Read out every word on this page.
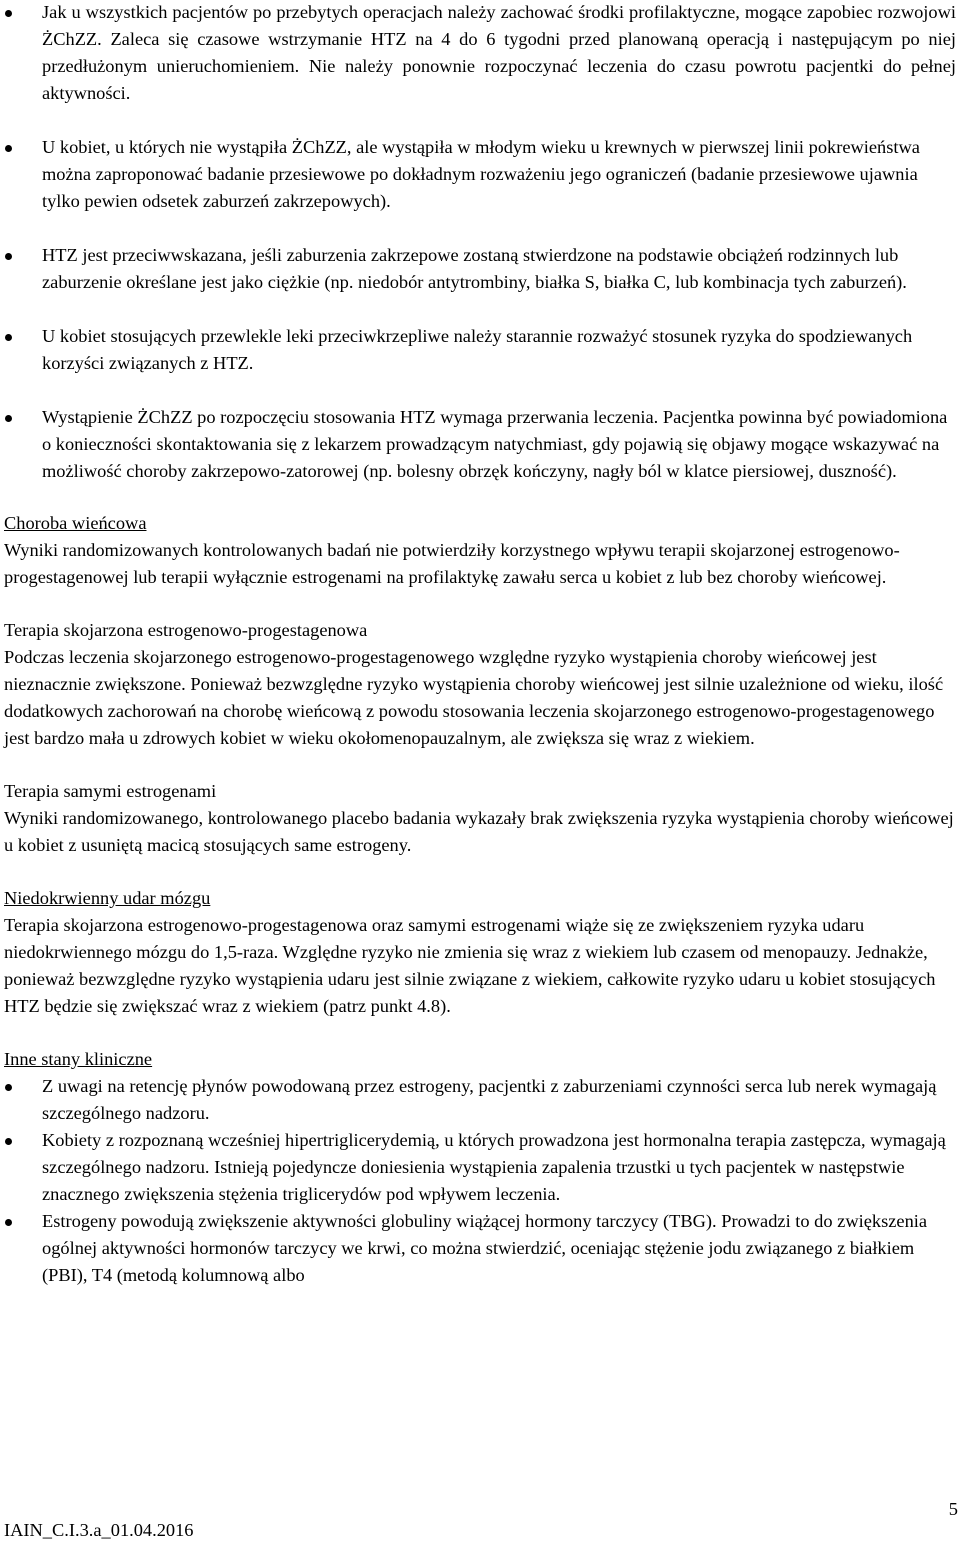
Jak u wszystkich pacjentów po przebytych operacjach należy zachować środki profilaktyczne, mogące zapobiec rozwojowi ŻChZZ. Zaleca się czasowe wstrzymanie HTZ na 4 do 6 tygodni przed planowaną operacją i następującym po niej przedłużonym unieruchomieniem. Nie należy ponownie rozpoczynać leczenia do czasu powrotu pacjentki do pełnej aktywności.
U kobiet, u których nie wystąpiła ŻChZZ, ale wystąpiła w młodym wieku u krewnych w pierwszej linii pokrewieństwa można zaproponować badanie przesiewowe po dokładnym rozważeniu jego ograniczeń (badanie przesiewowe ujawnia tylko pewien odsetek zaburzeń zakrzepowych).
HTZ jest przeciwwskazana, jeśli zaburzenia zakrzepowe zostaną stwierdzone na podstawie obciążeń rodzinnych lub zaburzenie określane jest jako ciężkie (np. niedobór antytrombiny, białka S, białka C, lub kombinacja tych zaburzeń).
U kobiet stosujących przewlekle leki przeciwkrzepliwe należy starannie rozważyć stosunek ryzyka do spodziewanych korzyści związanych z HTZ.
Wystąpienie ŻChZZ po rozpoczęciu stosowania HTZ wymaga przerwania leczenia. Pacjentka powinna być powiadomiona o konieczności skontaktowania się z lekarzem prowadzącym natychmiast, gdy pojawią się objawy mogące wskazywać na możliwość choroby zakrzepowo-zatorowej (np. bolesny obrzęk kończyny, nagły ból w klatce piersiowej, duszność).

Choroba wieńcowa

Wyniki randomizowanych kontrolowanych badań nie potwierdziły korzystnego wpływu terapii skojarzonej estrogenowo-progestagenowej lub terapii wyłącznie estrogenami na profilaktykę zawału serca u kobiet z lub bez choroby wieńcowej.

Terapia skojarzona estrogenowo-progestagenowa

Podczas leczenia skojarzonego estrogenowo-progestagenowego względne ryzyko wystąpienia choroby wieńcowej jest nieznacznie zwiększone. Ponieważ bezwzględne ryzyko wystąpienia choroby wieńcowej jest silnie uzależnione od wieku, ilość dodatkowych zachorowań na chorobę wieńcową z powodu stosowania leczenia skojarzonego estrogenowo-progestagenowego jest bardzo mała u zdrowych kobiet w wieku okołomenopauzalnym, ale zwiększa się wraz z wiekiem.

Terapia samymi estrogenami

Wyniki randomizowanego, kontrolowanego placebo badania wykazały brak zwiększenia ryzyka wystąpienia choroby wieńcowej u kobiet z usuniętą macicą stosujących same estrogeny.

Niedokrwienny udar mózgu

Terapia skojarzona estrogenowo-progestagenowa oraz samymi estrogenami wiąże się ze zwiększeniem ryzyka udaru niedokrwiennego mózgu do 1,5-raza. Względne ryzyko nie zmienia się wraz z wiekiem lub czasem od menopauzy. Jednakże, ponieważ bezwzględne ryzyko wystąpienia udaru jest silnie związane z wiekiem, całkowite ryzyko udaru u kobiet stosujących HTZ będzie się zwiększać wraz z wiekiem (patrz punkt 4.8).

Inne stany kliniczne

Z uwagi na retencję płynów powodowaną przez estrogeny, pacjentki z zaburzeniami czynności serca lub nerek wymagają szczególnego nadzoru.
Kobiety z rozpoznaną wcześniej hipertriglicerydemią, u których prowadzona jest hormonalna terapia zastępcza, wymagają szczególnego nadzoru. Istnieją pojedyncze doniesienia wystąpienia zapalenia trzustki u tych pacjentek w następstwie znacznego zwiększenia stężenia triglicerydów pod wpływem leczenia.
Estrogeny powodują zwiększenie aktywności globuliny wiążącej hormony tarczycy (TBG). Prowadzi to do zwiększenia ogólnej aktywności hormonów tarczycy we krwi, co można stwierdzić, oceniając stężenie jodu związanego z białkiem (PBI), T4 (metodą kolumnową albo
5
IAIN_C.I.3.a_01.04.2016
